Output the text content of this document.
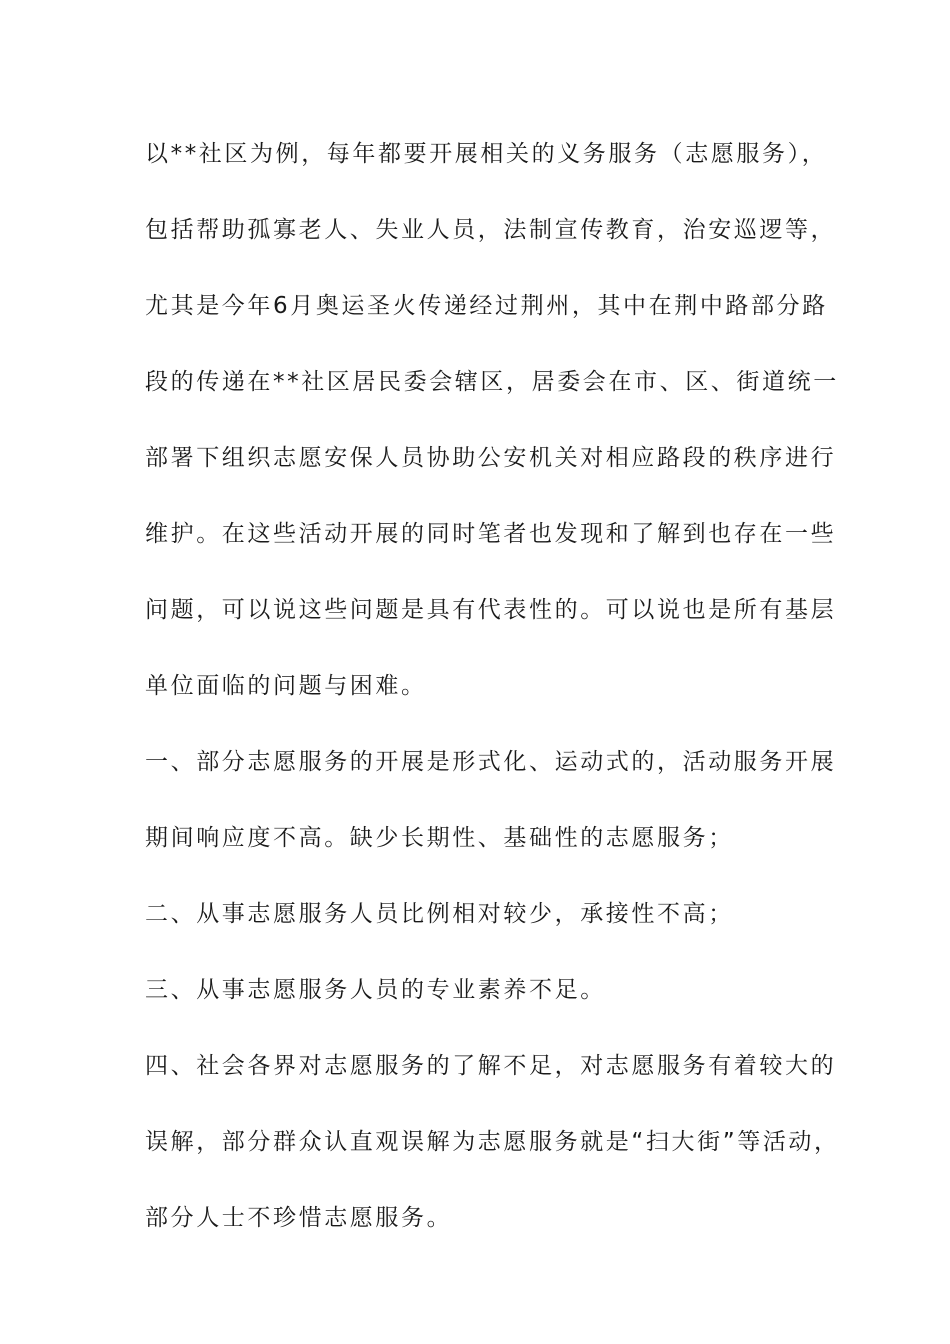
以**社区为例，每年都要开展相关的义务服务（志愿服务），
包括帮助孤寡老人、失业人员，法制宣传教育，治安巡逻等，
尤其是今年6月奥运圣火传递经过荆州，其中在荆中路部分路
段的传递在**社区居民委会辖区，居委会在市、区、街道统一
部署下组织志愿安保人员协助公安机关对相应路段的秩序进行
维护。在这些活动开展的同时笔者也发现和了解到也存在一些
问题，可以说这些问题是具有代表性的。可以说也是所有基层
单位面临的问题与困难。
一、部分志愿服务的开展是形式化、运动式的，活动服务开展
期间响应度不高。缺少长期性、基础性的志愿服务；
二、从事志愿服务人员比例相对较少，承接性不高；
三、从事志愿服务人员的专业素养不足。
四、社会各界对志愿服务的了解不足，对志愿服务有着较大的
误解，部分群众认直观误解为志愿服务就是“扫大街”等活动，
部分人士不珍惜志愿服务。
